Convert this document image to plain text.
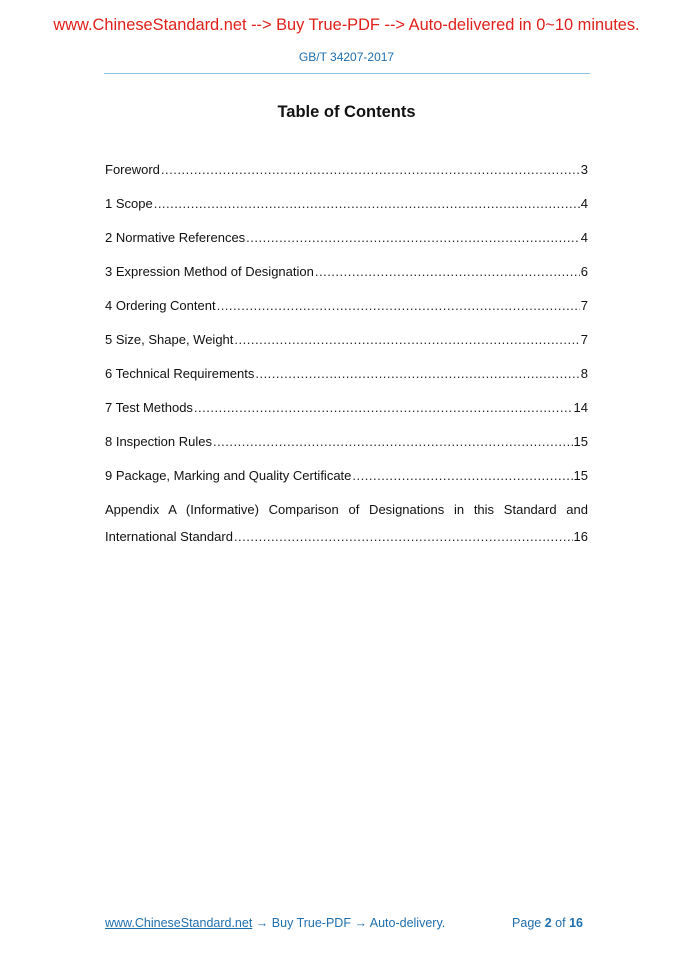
www.ChineseStandard.net --> Buy True-PDF --> Auto-delivered in 0~10 minutes.
GB/T 34207-2017
Table of Contents
Foreword .....	3
1 Scope .....	4
2 Normative References .....	4
3 Expression Method of Designation .....	6
4 Ordering Content .....	7
5 Size, Shape, Weight .....	7
6 Technical Requirements .....	8
7 Test Methods .....	14
8 Inspection Rules .....	15
9 Package, Marking and Quality Certificate .....	15
Appendix A (Informative) Comparison of Designations in this Standard and
International Standard .....	16
www.ChineseStandard.net → Buy True-PDF → Auto-delivery.	Page 2 of 16
